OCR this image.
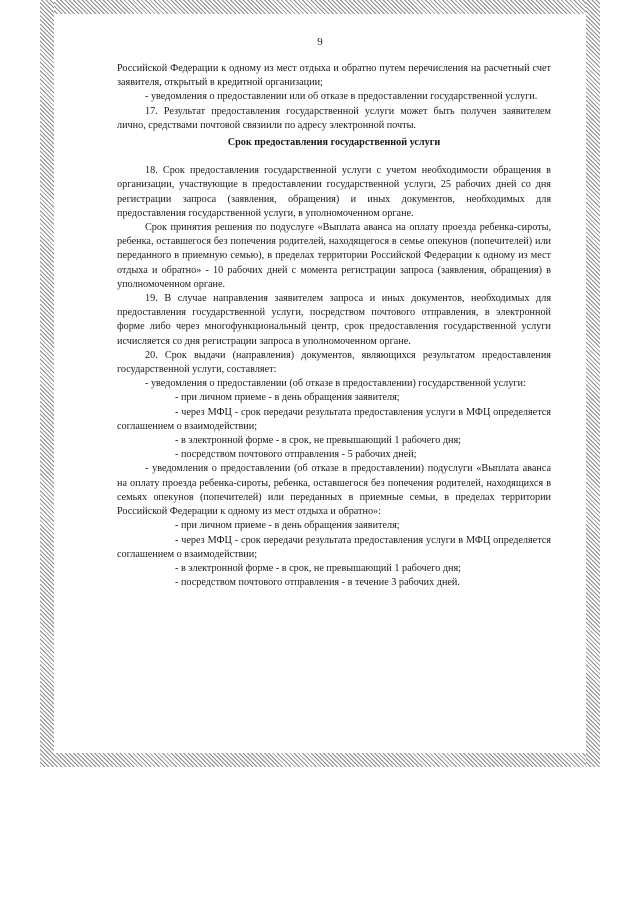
9

Российской Федерации к одному из мест отдыха и обратно путем перечисления на расчетный счет заявителя, открытый в кредитной организации;

- уведомления о предоставлении или об отказе в предоставлении государственной услуги.

17. Результат предоставления государственной услуги может быть получен заявителем лично, средствами почтовой связиили по адресу электронной почты.

Срок предоставления государственной услуги

18. Срок предоставления государственной услуги с учетом необходимости обращения в организации, участвующие в предоставлении государственной услуги, 25 рабочих дней со дня регистрации запроса (заявления, обращения) и иных документов, необходимых для предоставления государственной услуги, в уполномоченном органе.

Срок принятия решения по подуслуге «Выплата аванса на оплату проезда ребенка-сироты, ребенка, оставшегося без попечения родителей, находящегося в семье опекунов (попечителей) или переданного в приемную семью), в пределах территории Российской Федерации к одному из мест отдыха и обратно» - 10 рабочих дней с момента регистрации запроса (заявления, обращения) в уполномоченном органе.

19. В случае направления заявителем запроса и иных документов, необходимых для предоставления государственной услуги, посредством почтового отправления, в электронной форме либо через многофункциональный центр, срок предоставления государственной услуги исчисляется со дня регистрации запроса в уполномоченном органе.

20. Срок выдачи (направления) документов, являющихся результатом предоставления государственной услуги, составляет:

- уведомления о предоставлении (об отказе в предоставлении) государственной услуги:

- при личном приеме - в день обращения заявителя;

- через МФЦ - срок передачи результата предоставления услуги в МФЦ определяется соглашением о взаимодействии;

- в электронной форме - в срок, не превышающий 1 рабочего дня;

- посредством почтового отправления - 5 рабочих дней;

- уведомления о предоставлении (об отказе в предоставлении) подуслуги «Выплата аванса на оплату проезда ребенка-сироты, ребенка, оставшегося без попечения родителей, находящихся в семьях опекунов (попечителей) или переданных в приемные семьи, в пределах территории Российской Федерации к одному из мест отдыха и обратно»:

- при личном приеме - в день обращения заявителя;

- через МФЦ - срок передачи результата предоставления услуги в МФЦ определяется соглашением о взаимодействии;

- в электронной форме - в срок, не превышающий 1 рабочего дня;

- посредством почтового отправления - в течение 3 рабочих дней.
